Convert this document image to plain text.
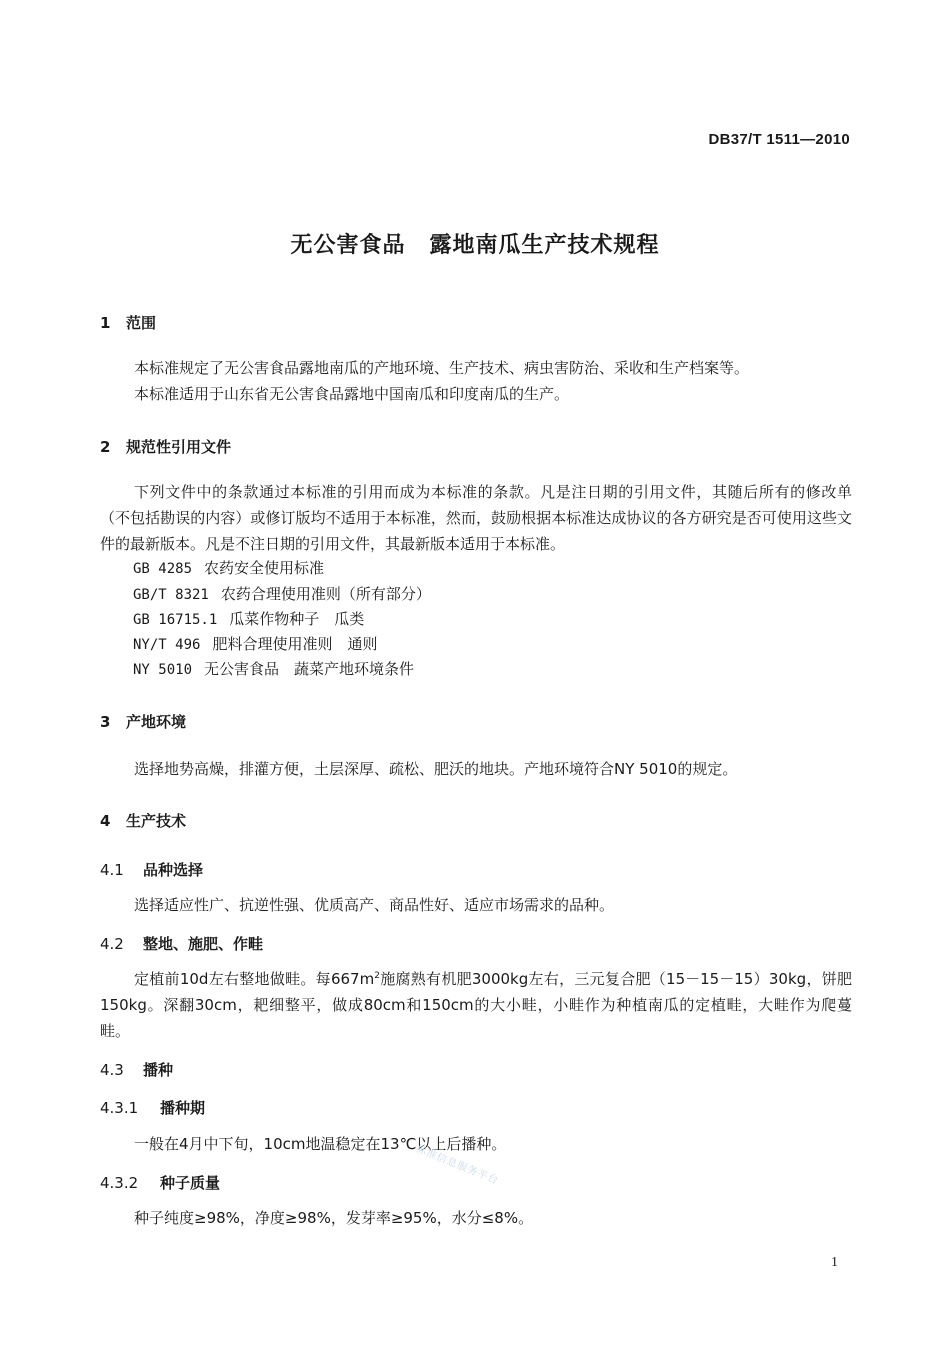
DB37/T 1511—2010
无公害食品 露地南瓜生产技术规程
1 范围
本标准规定了无公害食品露地南瓜的产地环境、生产技术、病虫害防治、采收和生产档案等。
本标准适用于山东省无公害食品露地中国南瓜和印度南瓜的生产。
2 规范性引用文件
下列文件中的条款通过本标准的引用而成为本标准的条款。凡是注日期的引用文件，其随后所有的修改单（不包括勘误的内容）或修订版均不适用于本标准，然而，鼓励根据本标准达成协议的各方研究是否可使用这些文件的最新版本。凡是不注日期的引用文件，其最新版本适用于本标准。
GB 4285 农药安全使用标准
GB/T 8321 农药合理使用准则（所有部分）
GB 16715.1 瓜菜作物种子　瓜类
NY/T 496 肥料合理使用准则　通则
NY 5010 无公害食品　蔬菜产地环境条件
3 产地环境
选择地势高燥，排灌方便，土层深厚、疏松、肥沃的地块。产地环境符合NY 5010的规定。
4 生产技术
4.1 品种选择
选择适应性广、抗逆性强、优质高产、商品性好、适应市场需求的品种。
4.2 整地、施肥、作畦
定植前10d左右整地做畦。每$667m^2$施腐熟有机肥3000kg左右，三元复合肥（15－15－15）30kg，饼肥150kg。深翻30cm，耙细整平，做成80cm和150cm的大小畦，小畦作为种植南瓜的定植畦，大畦作为爬蔓畦。
4.3 播种
4.3.1 播种期
一般在4月中下旬，10cm地温稳定在13℃以上后播种。
4.3.2 种子质量
种子纯度≥98%，净度≥98%，发芽率≥95%，水分≤8%。
标准信息服务平台
1
